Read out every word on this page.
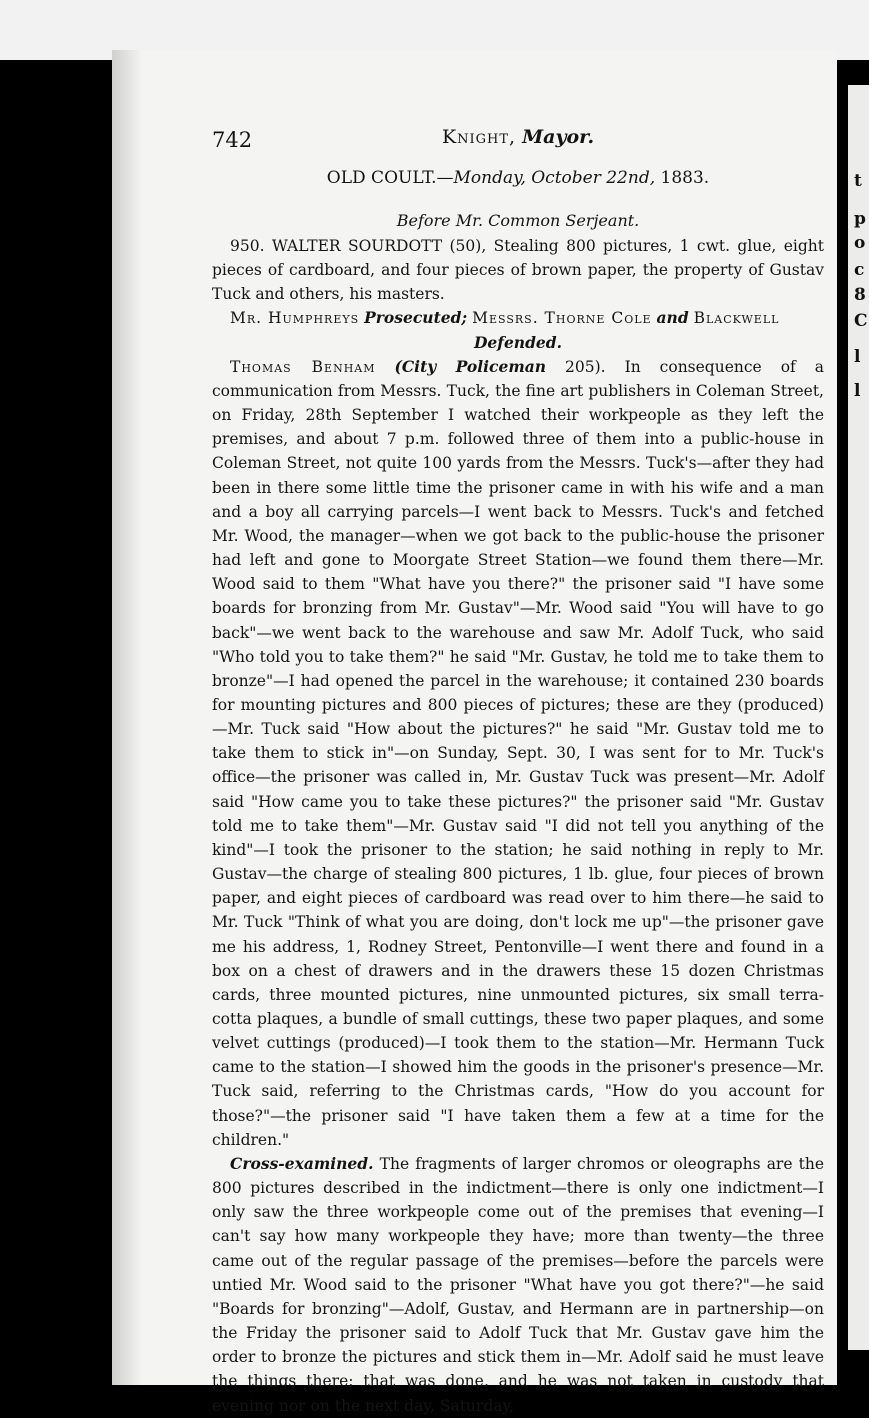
t
p
o
c
8
C
l
l
742	Knight, Mayor.
OLD COULT.—Monday, October 22nd, 1883.
Before Mr. Common Serjeant.

950. WALTER SOURDOTT (50), Stealing 800 pictures, 1 cwt. glue, eight pieces of cardboard, and four pieces of brown paper, the property of Gustav Tuck and others, his masters.

Mr. Humphreys Prosecuted; Messrs. Thorne Cole and Blackwell

Defended.

Thomas Benham (City Policeman 205). In consequence of a communication from Messrs. Tuck, the fine art publishers in Coleman Street, on Friday, 28th September I watched their workpeople as they left the premises, and about 7 p.m. followed three of them into a public-house in Coleman Street, not quite 100 yards from the Messrs. Tuck's—after they had been in there some little time the prisoner came in with his wife and a man and a boy all carrying parcels—I went back to Messrs. Tuck's and fetched Mr. Wood, the manager—when we got back to the public-house the prisoner had left and gone to Moorgate Street Station—we found them there—Mr. Wood said to them "What have you there?" the prisoner said "I have some boards for bronzing from Mr. Gustav"—Mr. Wood said "You will have to go back"—we went back to the warehouse and saw Mr. Adolf Tuck, who said "Who told you to take them?" he said "Mr. Gustav, he told me to take them to bronze"—I had opened the parcel in the warehouse; it contained 230 boards for mounting pictures and 800 pieces of pictures; these are they (produced)—Mr. Tuck said "How about the pictures?" he said "Mr. Gustav told me to take them to stick in"—on Sunday, Sept. 30, I was sent for to Mr. Tuck's office—the prisoner was called in, Mr. Gustav Tuck was present—Mr. Adolf said "How came you to take these pictures?" the prisoner said "Mr. Gustav told me to take them"—Mr. Gustav said "I did not tell you anything of the kind"—I took the prisoner to the station; he said nothing in reply to Mr. Gustav—the charge of stealing 800 pictures, 1 lb. glue, four pieces of brown paper, and eight pieces of cardboard was read over to him there—he said to Mr. Tuck "Think of what you are doing, don't lock me up"—the prisoner gave me his address, 1, Rodney Street, Pentonville—I went there and found in a box on a chest of drawers and in the drawers these 15 dozen Christmas cards, three mounted pictures, nine unmounted pictures, six small terra-cotta plaques, a bundle of small cuttings, these two paper plaques, and some velvet cuttings (produced)—I took them to the station—Mr. Hermann Tuck came to the station—I showed him the goods in the prisoner's presence—Mr. Tuck said, referring to the Christmas cards, "How do you account for those?"—the prisoner said "I have taken them a few at a time for the children."

Cross-examined. The fragments of larger chromos or oleographs are the 800 pictures described in the indictment—there is only one indictment—I only saw the three workpeople come out of the premises that evening—I can't say how many workpeople they have; more than twenty—the three came out of the regular passage of the premises—before the parcels were untied Mr. Wood said to the prisoner "What have you got there?"—he said "Boards for bronzing"—Adolf, Gustav, and Hermann are in partnership—on the Friday the prisoner said to Adolf Tuck that Mr. Gustav gave him the order to bronze the pictures and stick them in—Mr. Adolf said he must leave the things there; that was done, and he was not taken in custody that evening nor on the next day, Saturday,
